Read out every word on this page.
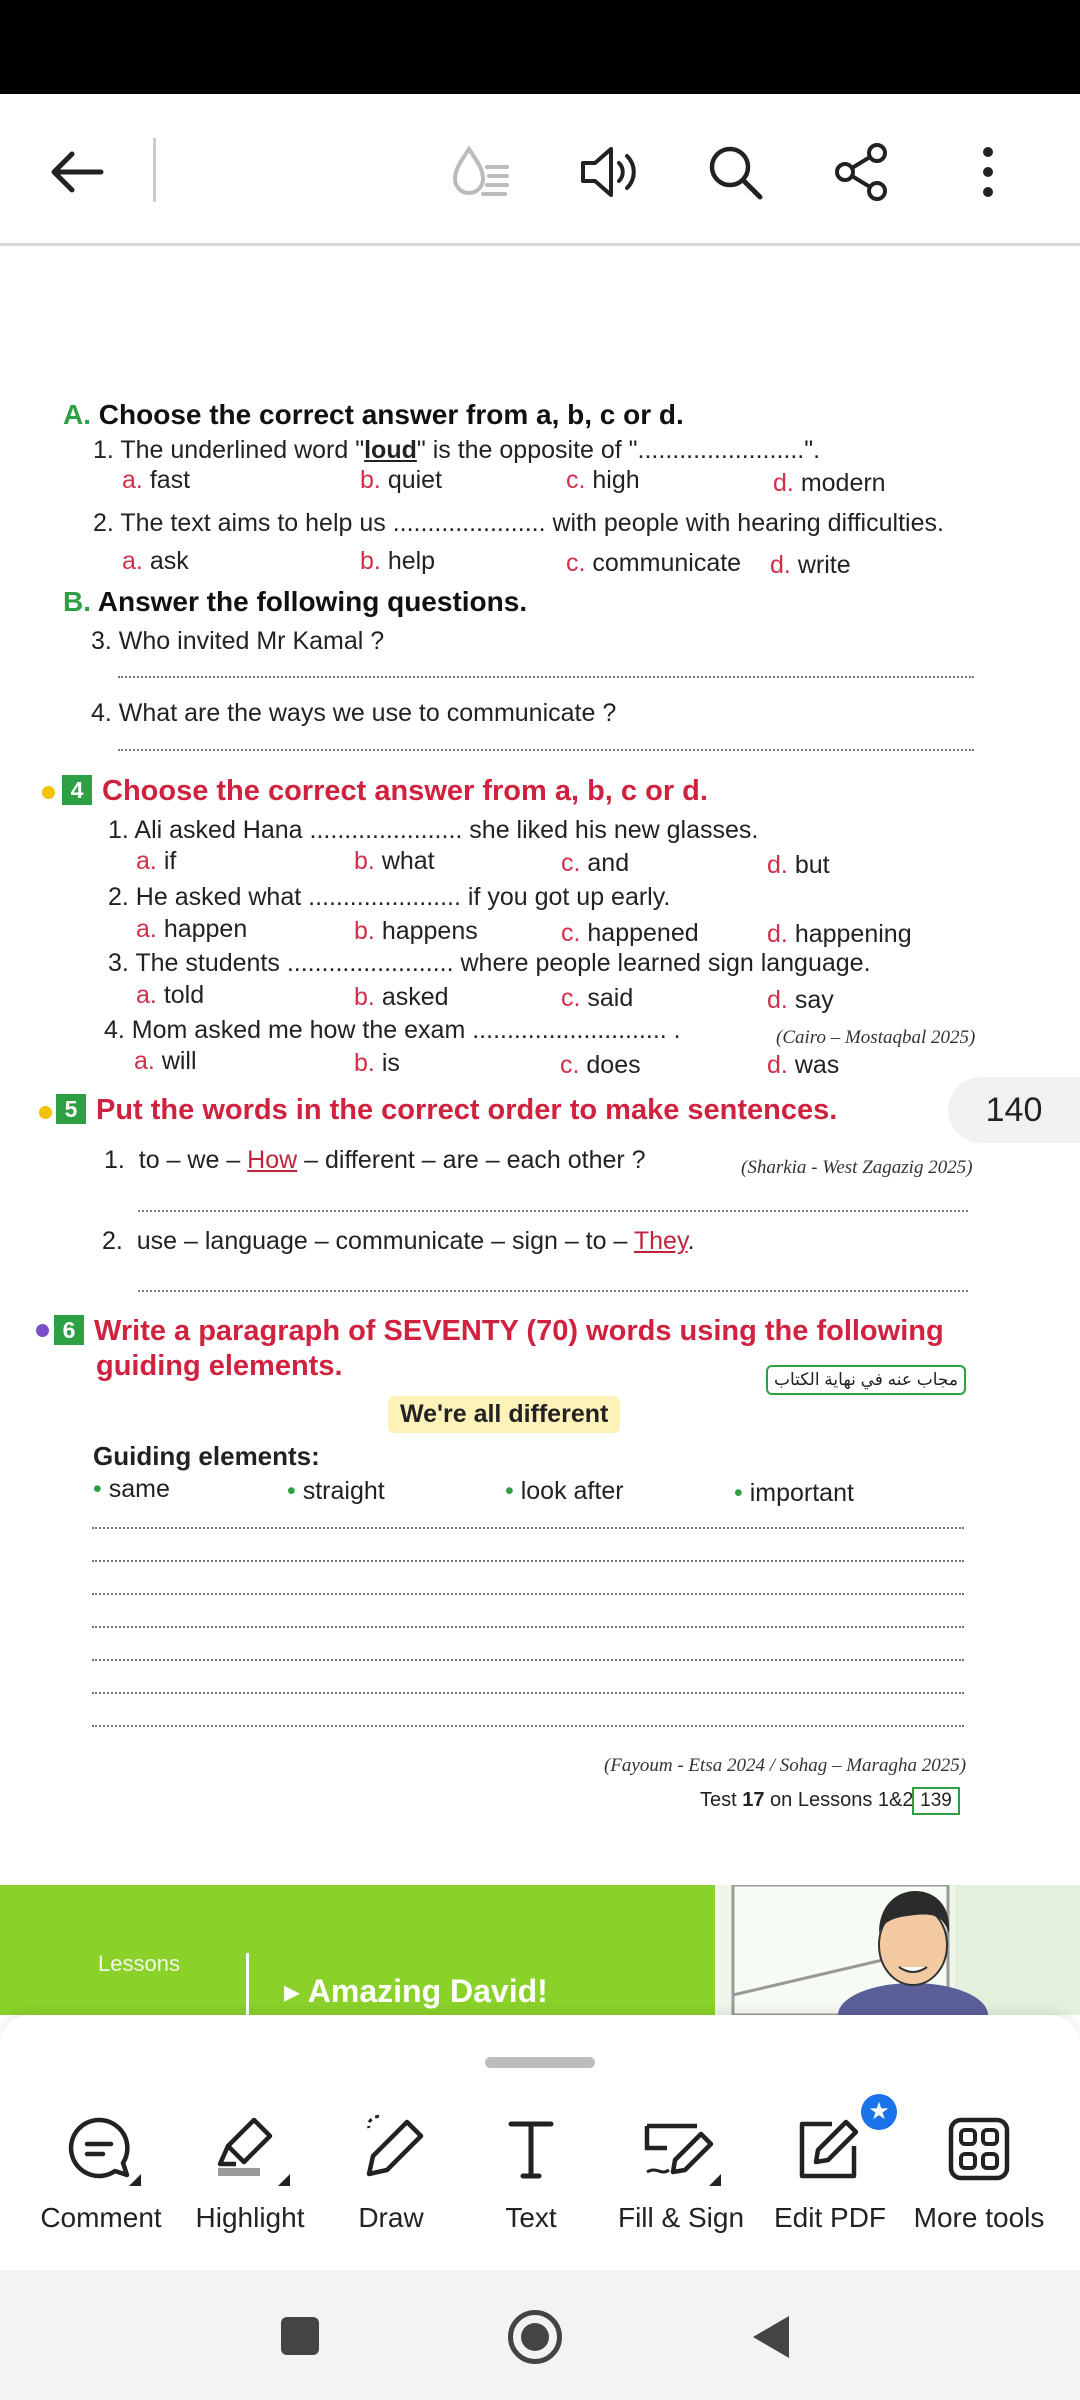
A. Choose the correct answer from a, b, c or d.
1. The underlined word "loud" is the opposite of "........................".
a. fast	b. quiet	c. high	d. modern
2. The text aims to help us ...................... with people with hearing difficulties.
a. ask	b. help	c. communicate d. write
B. Answer the following questions.
3. Who invited Mr Kamal ?
4. What are the ways we use to communicate ?
4 Choose the correct answer from a, b, c or d.
1. Ali asked Hana ...................... she liked his new glasses.
a. if	b. what	c. and	d. but
2. He asked what ...................... if you got up early.
a. happen	b. happens	c. happened	d. happening
3. The students ........................ where people learned sign language.
a. told	b. asked	c. said	d. say
4. Mom asked me how the exam ............................ .	(Cairo – Mostaqbal 2025)
a. will	b. is	c. does	d. was
5 Put the words in the correct order to make sentences.
1. to – we – How – different – are – each other ?	(Sharkia - West Zagazig 2025)
2. use – language – communicate – sign – to – They.
6 Write a paragraph of SEVENTY (70) words using the following
guiding elements.	مجاب عنه في نهاية الكتاب
We're all different
Guiding elements:
• same	• straight	• look after	• important
(Fayoum - Etsa 2024 / Sohag – Maragha 2025)
Test 17 on Lessons 1&2 139
140
Lessons
▸ Amazing David!
Comment	Highlight	Draw	Text	Fill & Sign	Edit PDF
★
More tools
